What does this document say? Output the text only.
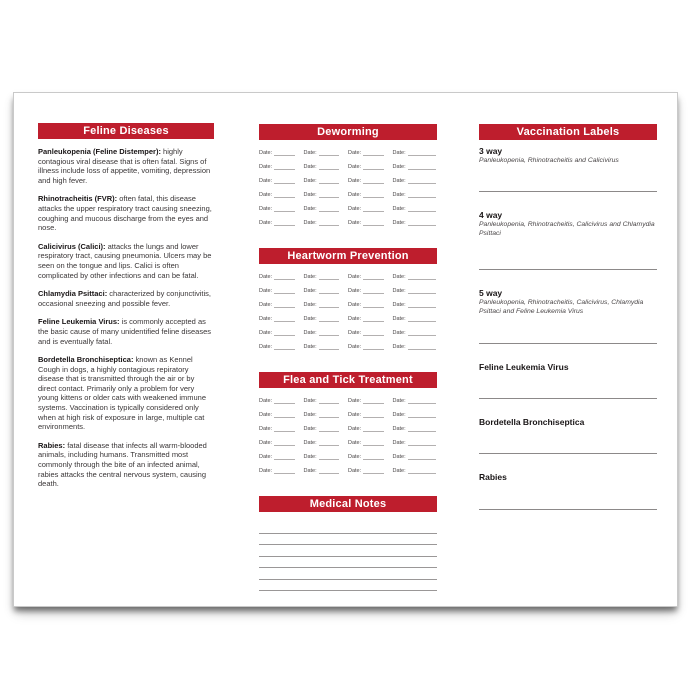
Feline Diseases

Panleukopenia (Feline Distemper): highly contagious viral disease that is often fatal. Signs of illness include loss of appetite, vomiting, depression and high fever.

Rhinotracheitis (FVR): often fatal, this disease attacks the upper respiratory tract causing sneezing, coughing and mucous discharge from the eyes and nose.

Calicivirus (Calici): attacks the lungs and lower respiratory tract, causing pneumonia. Ulcers may be seen on the tongue and lips. Calici is often complicated by other infections and can be fatal.

Chlamydia Psittaci: characterized by conjunctivitis, occasional sneezing and possible fever.

Feline Leukemia Virus: is commonly accepted as the basic cause of many unidentified feline diseases and is eventually fatal.

Bordetella Bronchiseptica: known as Kennel Cough in dogs, a highly contagious repiratory disease that is transmitted through the air or by direct contact. Primarily only a problem for very young kittens or older cats with weakened immune systems. Vaccination is typically considered only when at high risk of exposure in large, multiple cat environments.

Rabies: fatal disease that infects all warm-blooded animals, including humans. Transmitted most commonly through the bite of an infected animal, rabies attacks the central nervous system, causing death.

Deworming
Date:	Date:	Date:	Date:
Date:	Date:	Date:	Date:
Date:	Date:	Date:	Date:
Date:	Date:	Date:	Date:
Date:	Date:	Date:	Date:
Date:	Date:	Date:	Date:
Heartworm Prevention
Date:	Date:	Date:	Date:
Date:	Date:	Date:	Date:
Date:	Date:	Date:	Date:
Date:	Date:	Date:	Date:
Date:	Date:	Date:	Date:
Date:	Date:	Date:	Date:
Flea and Tick Treatment
Date:	Date:	Date:	Date:
Date:	Date:	Date:	Date:
Date:	Date:	Date:	Date:
Date:	Date:	Date:	Date:
Date:	Date:	Date:	Date:
Date:	Date:	Date:	Date:
Medical Notes
Vaccination Labels
3 way
Panleukopenia, Rhinotracheitis and Calicivirus
4 way
Panleukopenia, Rhinotracheitis, Calicivirus and Chlamydia Psittaci
5 way
Panleukopenia, Rhinotracheitis, Calicivirus, Chlamydia Psittaci and Feline Leukemia Virus
Feline Leukemia Virus
Bordetella Bronchiseptica
Rabies
